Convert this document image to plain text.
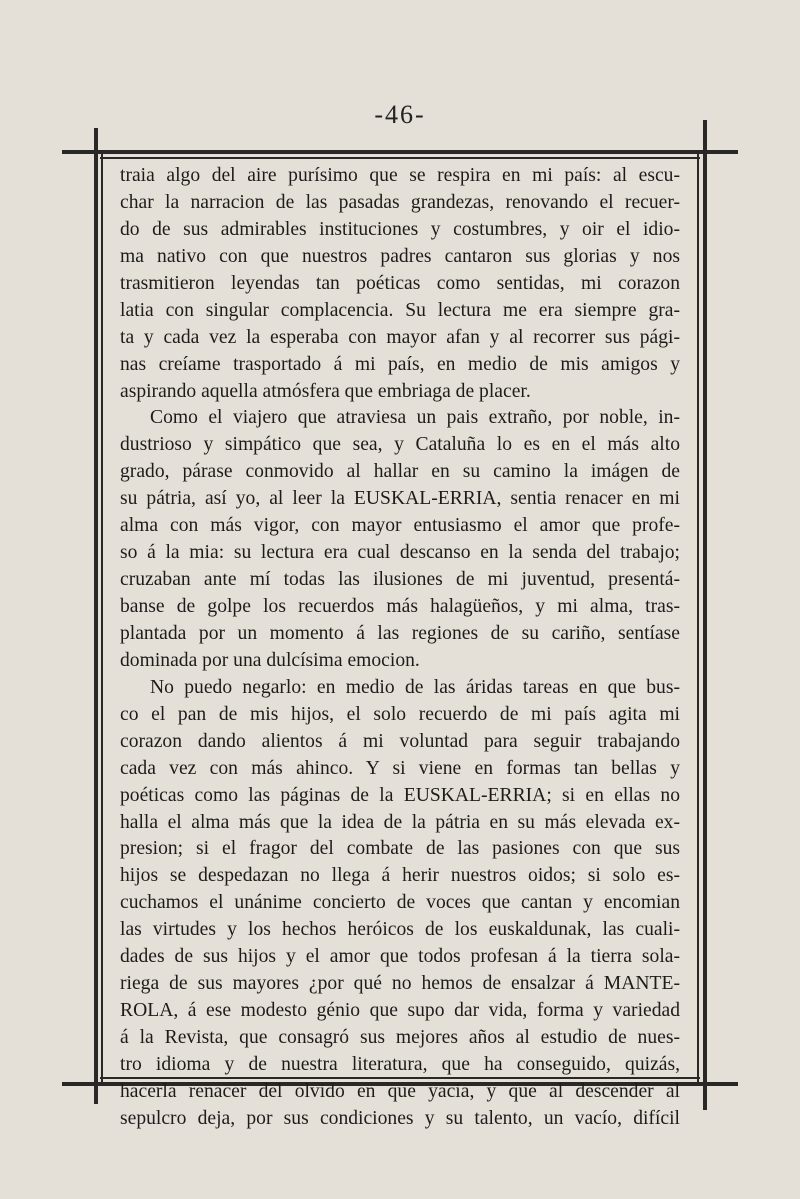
-46-
traia algo del aire purísimo que se respira en mi país: al escu-
char la narracion de las pasadas grandezas, renovando el recuer-
do de sus admirables instituciones y costumbres, y oir el idio-
ma nativo con que nuestros padres cantaron sus glorias y nos
trasmitieron leyendas tan poéticas como sentidas, mi corazon
latia con singular complacencia. Su lectura me era siempre gra-
ta y cada vez la esperaba con mayor afan y al recorrer sus pági-
nas creíame trasportado á mi país, en medio de mis amigos y
aspirando aquella atmósfera que embriaga de placer.
Como el viajero que atraviesa un pais extraño, por noble, in-
dustrioso y simpático que sea, y Cataluña lo es en el más alto
grado, párase conmovido al hallar en su camino la imágen de
su pátria, así yo, al leer la EUSKAL-ERRIA, sentia renacer en mi
alma con más vigor, con mayor entusiasmo el amor que profe-
so á la mia: su lectura era cual descanso en la senda del trabajo;
cruzaban ante mí todas las ilusiones de mi juventud, presentá-
banse de golpe los recuerdos más halagüeños, y mi alma, tras-
plantada por un momento á las regiones de su cariño, sentíase
dominada por una dulcísima emocion.
No puedo negarlo: en medio de las áridas tareas en que bus-
co el pan de mis hijos, el solo recuerdo de mi país agita mi
corazon dando alientos á mi voluntad para seguir trabajando
cada vez con más ahinco. Y si viene en formas tan bellas y
poéticas como las páginas de la EUSKAL-ERRIA; si en ellas no
halla el alma más que la idea de la pátria en su más elevada ex-
presion; si el fragor del combate de las pasiones con que sus
hijos se despedazan no llega á herir nuestros oidos; si solo es-
cuchamos el unánime concierto de voces que cantan y encomian
las virtudes y los hechos heróicos de los euskaldunak, las cuali-
dades de sus hijos y el amor que todos profesan á la tierra sola-
riega de sus mayores ¿por qué no hemos de ensalzar á MANTE-
ROLA, á ese modesto génio que supo dar vida, forma y variedad
á la Revista, que consagró sus mejores años al estudio de nues-
tro idioma y de nuestra literatura, que ha conseguido, quizás,
hacerla renacer del olvido en que yacia, y que al descender al
sepulcro deja, por sus condiciones y su talento, un vacío, difícil
